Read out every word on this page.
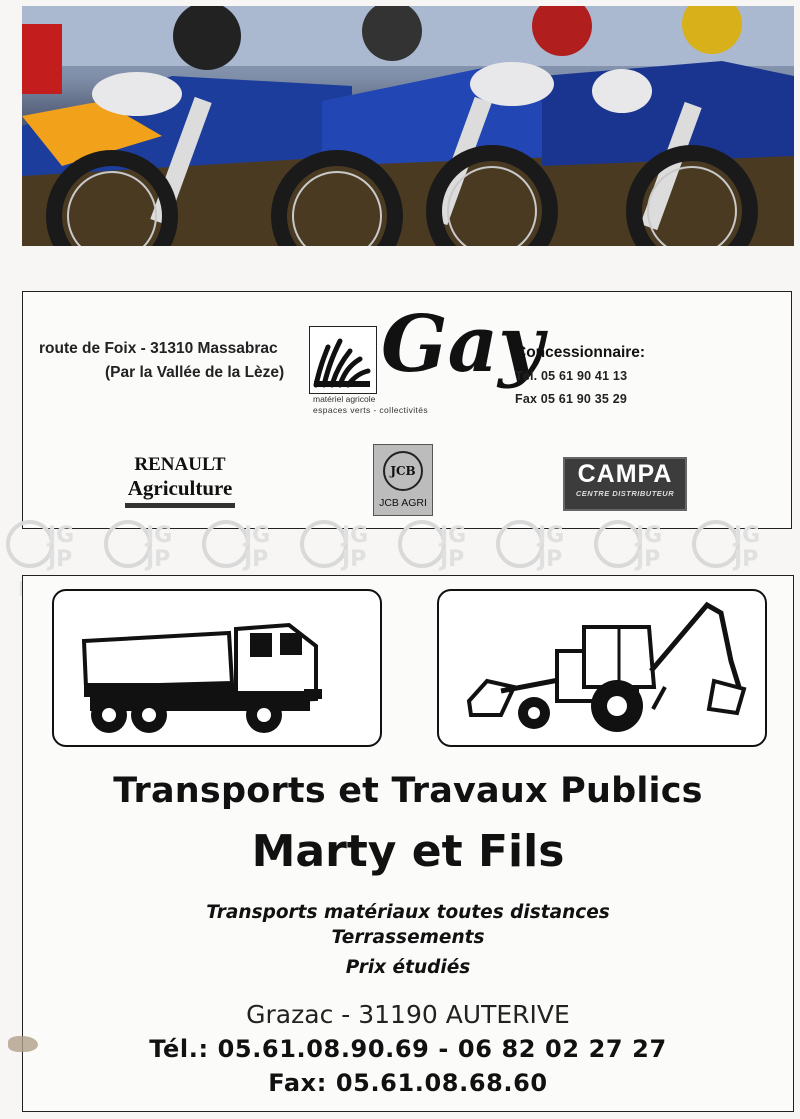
route de Foix - 31310 Massabrac
(Par la Vallée de la Lèze) Gay
matériel agricole
espaces verts - collectivités
Concessionnaire:
Tél. 05 61 90 41 13
Fax 05 61 90 35 29
RENAULT
Agriculture
JCB
JCB AGRI
CAMPA
CENTRE DISTRIBUTEUR
Transports et Travaux Publics
Marty et Fils
Transports matériaux toutes distances
Terrassements
Prix étudiés
Grazac - 31190 AUTERIVE
Tél.: 05.61.08.90.69 - 06 82 02 27 27
Fax: 05.61.08.68.60
